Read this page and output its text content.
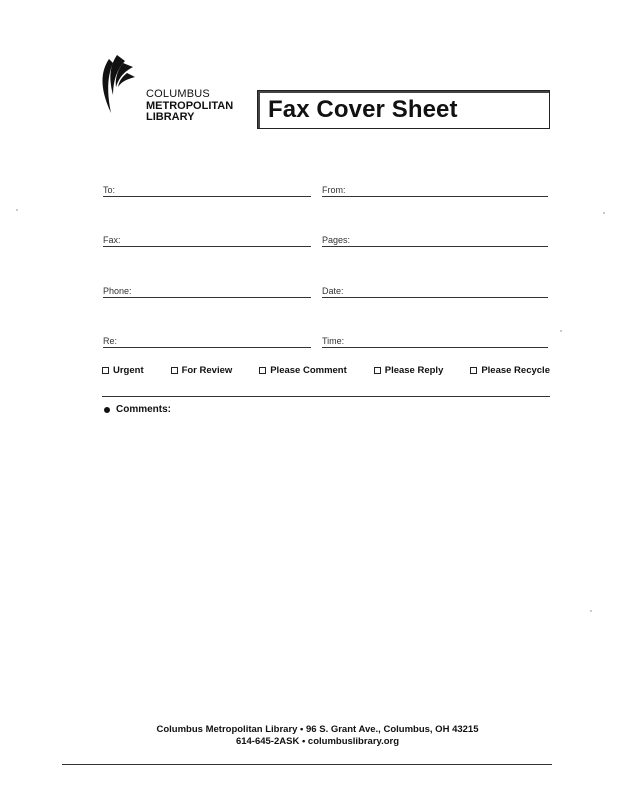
COLUMBUS
METROPOLITAN
LIBRARY	Fax Cover Sheet
To:	From:
Fax:	Pages:
Phone:	Date:
Re:	Time:
Urgent	For Review	Please Comment	Please Reply	Please Recycle
Comments:
Columbus Metropolitan Library • 96 S. Grant Ave., Columbus, OH 43215
614-645-2ASK • columbuslibrary.org
